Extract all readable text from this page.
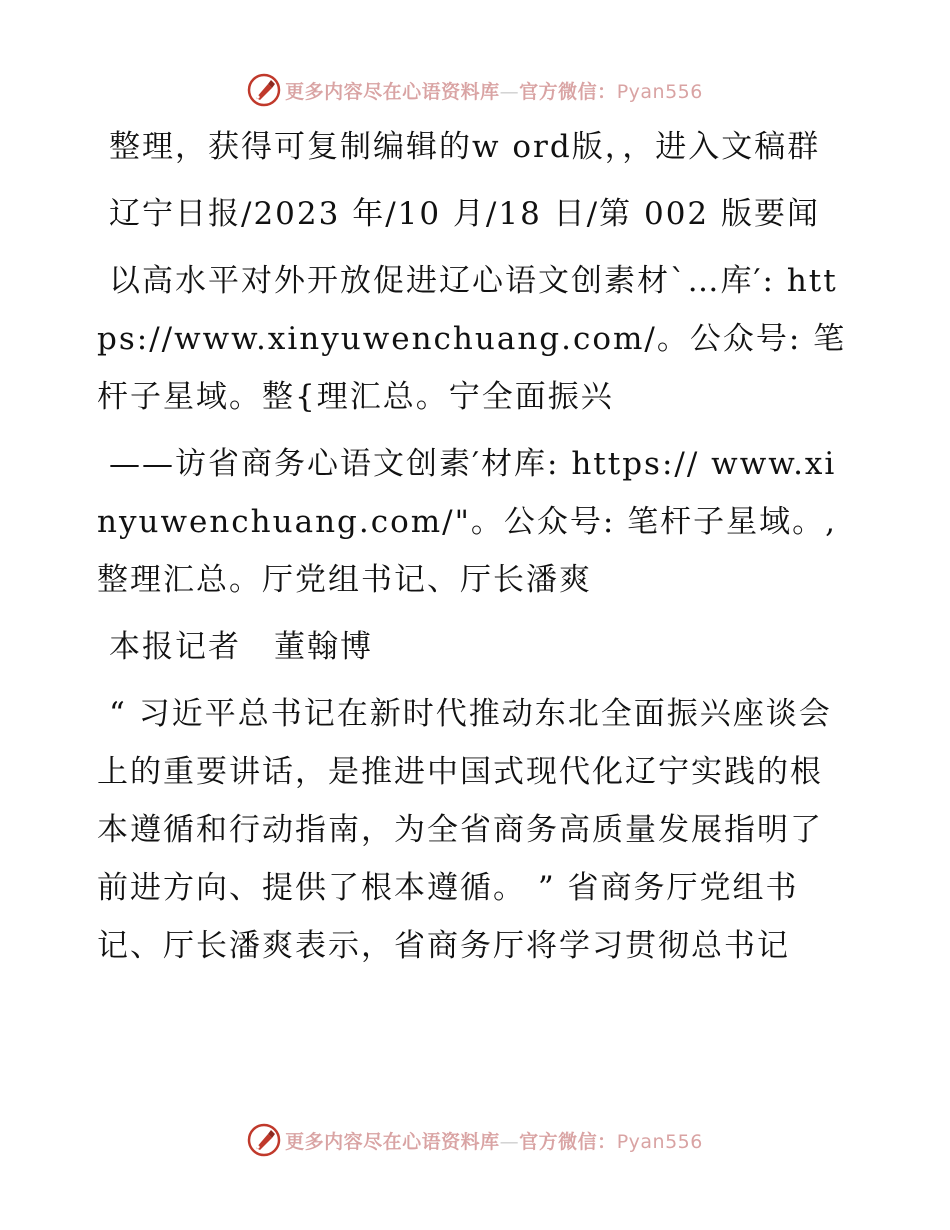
更多内容尽在心语资料库—官方微信：Pyan556

整理，获得可复制编辑的w ord版，，进入文稿群

辽宁日报/2023 年/10 月/18 日/第 002 版要闻

以高水平对外开放促进辽心语文创素材`…库′: https://www.xinyuwenchuang.com/。公众号: 笔杆子星域。整{理汇总。宁全面振兴

——访省商务心语文创素′材库: https:// www.xinyuwenchuang.com/"。公众号: 笔杆子星域。,整理汇总。厅党组书记、厅长潘爽

本报记者　董翰博

“ 习近平总书记在新时代推动东北全面振兴座谈会上的重要讲话，是推进中国式现代化辽宁实践的根本遵循和行动指南，为全省商务高质量发展指明了前进方向、提供了根本遵循。 ” 省商务厅党组书记、厅长潘爽表示，省商务厅将学习贯彻总书记

更多内容尽在心语资料库—官方微信：Pyan556
